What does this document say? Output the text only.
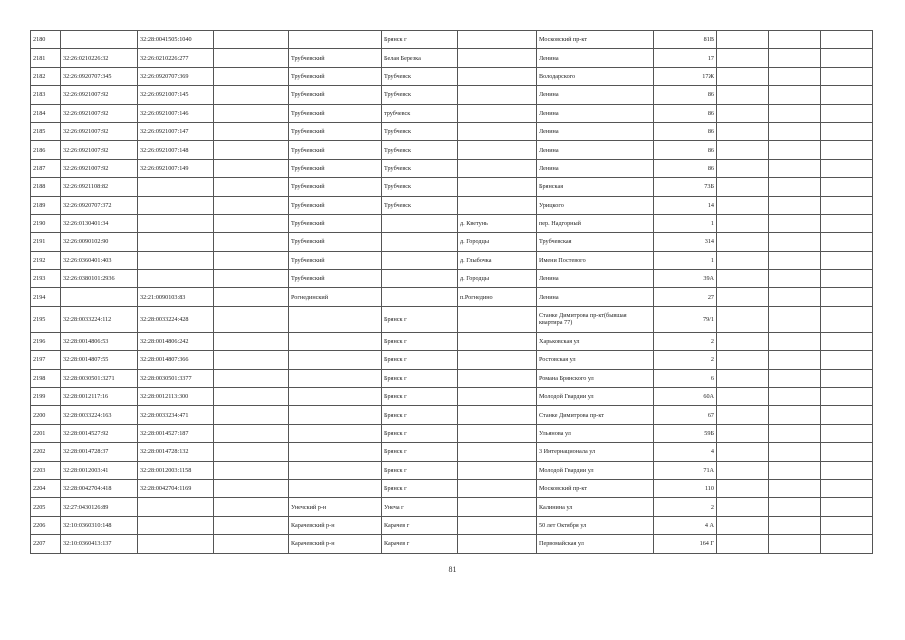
2180		32:28:0041505:1040			Брянск г		Московский пр-кт	81В			
2181	32:26:0210226:32	32:26:0210226:277		Трубчевский	Белая Березка		Ленина	17			
2182	32:26:0920707:345	32:26:0920707:369		Трубчевский	Трубчевск		Володарского	17Ж			
2183	32:26:0921007:92	32:26:0921007:145		Трубчевский	Трубчевск		Ленина	86			
2184	32:26:0921007:92	32:26:0921007:146		Трубчевский	трубчевск		Ленина	86			
2185	32:26:0921007:92	32:26:0921007:147		Трубчевский	Трубчевск		Ленина	86			
2186	32:26:0921007:92	32:26:0921007:148		Трубчевский	Трубчевск		Ленина	86			
2187	32:26:0921007:92	32:26:0921007:149		Трубчевский	Трубчевск		Ленина	86			
2188	32:26:0921108:82			Трубчевский	Трубчевск		Брянская	73Б			
2189	32:26:0920707:372			Трубчевский	Трубчевск		Урицкого	14			
2190	32:26:0130401:34			Трубчевский		д. Кветунь	пер. Надгорный	1			
2191	32:26:0090102:90			Трубчевский		д. Городцы	Трубчевская	314			
2192	32:26:0360401:403			Трубчевский		д. Глыбочка	Имени Постевого	1			
2193	32:26:0380101:2936			Трубчевский		д. Городцы	Ленина	39А			
2194		32:21:0090103:83		Рогнединский		п.Рогнедино	Ленина	27			
2195	32:28:0033224:112	32:28:0033224:428			Брянск г		Станке Димитрова пр-кт(бывшая квартира 77)	79/1			
2196	32:28:0014806:53	32:28:0014806:242			Брянск г		Харьковская ул	2			
2197	32:28:0014807:55	32:28:0014807:366			Брянск г		Ростовская ул	2			
2198	32:28:0030501:3271	32:28:0030501:3377			Брянск г		Романа Брянского ул	6			
2199	32:28:0012117:16	32:28:0012113:300			Брянск г		Молодой Гвардии ул	60А			
2200	32:28:0033224:163	32:28:0033234:471			Брянск г		Станке Димитрова пр-кт	67			
2201	32:28:0014527:92	32:28:0014527:187			Брянск г		Ульянова ул	59Б			
2202	32:28:0014728:37	32:28:0014728:132			Брянск г		3 Интернационала ул	4			
2203	32:28:0012003:41	32:28:0012003:1158			Брянск г		Молодой Гвардии ул	71А			
2204	32:28:0042704:418	32:28:0042704:1169			Брянск г		Московский пр-кт	110			
2205	32:27:0430126:89			Унечский р-н	Унеча г		Калинина ул	2			
2206	32:10:0360310:148			Карачевский р-н	Карачев г		50 лет Октября ул	4 А			
2207	32:10:0360413:137			Карачевский р-н	Карачев г		Первомайская ул	164 Г			
81
